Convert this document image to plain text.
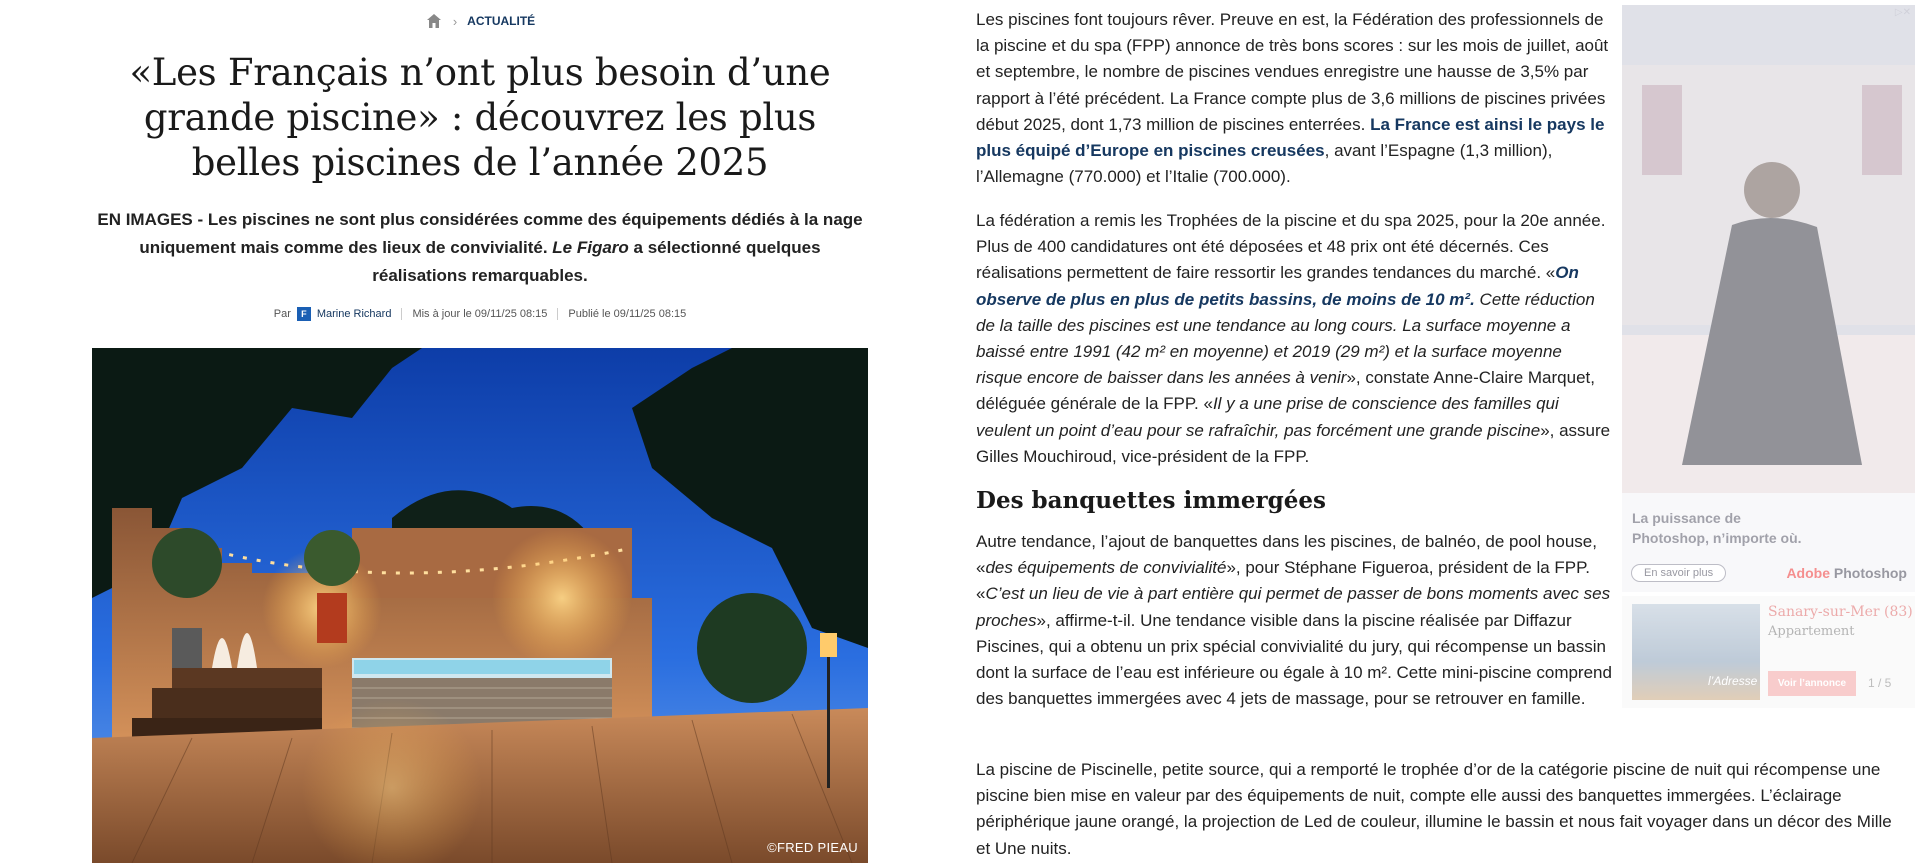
› ACTUALITÉ
«Les Français n’ont plus besoin d’une grande piscine» : découvrez les plus belles piscines de l’année 2025
EN IMAGES - Les piscines ne sont plus considérées comme des équipements dédiés à la nage uniquement mais comme des lieux de convivialité. Le Figaro a sélectionné quelques réalisations remarquables.
Par	F Marine Richard Mis à jour le 09/11/25 08:15 Publié le 09/11/25 08:15
©FRED PIEAU

Les piscines font toujours rêver. Preuve en est, la Fédération des professionnels de la piscine et du spa (FPP) annonce de très bons scores : sur les mois de juillet, août et septembre, le nombre de piscines vendues enregistre une hausse de 3,5% par rapport à l’été précédent. La France compte plus de 3,6 millions de piscines privées début 2025, dont 1,73 million de piscines enterrées. La France est ainsi le pays le plus équipé d’Europe en piscines creusées, avant l’Espagne (1,3 million), l’Allemagne (770.000) et l’Italie (700.000).

La fédération a remis les Trophées de la piscine et du spa 2025, pour la 20e année. Plus de 400 candidatures ont été déposées et 48 prix ont été décernés. Ces réalisations permettent de faire ressortir les grandes tendances du marché. «On observe de plus en plus de petits bassins, de moins de 10 m². Cette réduction de la taille des piscines est une tendance au long cours. La surface moyenne a baissé entre 1991 (42 m² en moyenne) et 2019 (29 m²) et la surface moyenne risque encore de baisser dans les années à venir», constate Anne-Claire Marquet, déléguée générale de la FPP. «Il y a une prise de conscience des familles qui veulent un point d’eau pour se rafraîchir, pas forcément une grande piscine», assure Gilles Mouchiroud, vice-président de la FPP.

Des banquettes immergées

Autre tendance, l’ajout de banquettes dans les piscines, de balnéo, de pool house, «des équipements de convivialité», pour Stéphane Figueroa, président de la FPP. «C’est un lieu de vie à part entière qui permet de passer de bons moments avec ses proches», affirme-t-il. Une tendance visible dans la piscine réalisée par Diffazur Piscines, qui a obtenu un prix spécial convivialité du jury, qui récompense un bassin dont la surface de l’eau est inférieure ou égale à 10 m². Cette mini-piscine comprend des banquettes immergées avec 4 jets de massage, pour se retrouver en famille.

La piscine de Piscinelle, petite source, qui a remporté le trophée d’or de la catégorie piscine de nuit qui récompense une piscine bien mise en valeur par des équipements de nuit, compte elle aussi des banquettes immergées. L’éclairage périphérique jaune orangé, la projection de Led de couleur, illumine le bassin et nous fait voyager dans un décor des Mille et Une nuits.

▷✕
La puissance de
Photoshop, n’importe où.
En savoir plus	Adobe Photoshop
l’Adresse
Sanary-sur-Mer (83)
Appartement
Voir l’annonce	1 / 5
